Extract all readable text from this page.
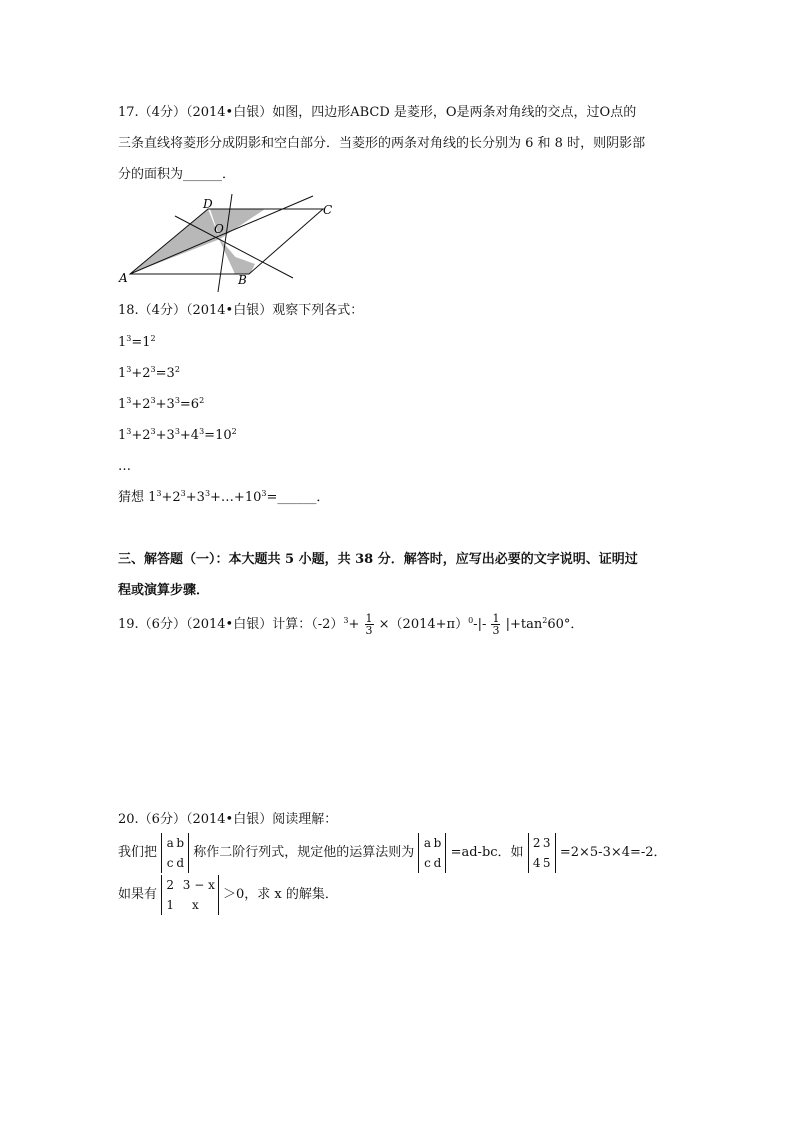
17.（4分）（2014•白银）如图，四边形ABCD 是菱形，O是两条对角线的交点，过O点的
三条直线将菱形分成阴影和空白部分．当菱形的两条对角线的长分别为 6 和 8 时，则阴影部
分的面积为______．
A	B
C
D
O
18.（4分）（2014•白银）观察下列各式：
$1^3=1^2$
$1^3+2^3=3^2$
$1^3+2^3+3^3=6^2$
$1^3+2^3+3^3+4^3=10^2$
…
猜想 $1^3+2^3+3^3+\dots+10^3=\_\_\_\_\_\_$．
三、解答题（一）：本大题共 5 小题，共 38 分．解答时，应写出必要的文字说明、证明过
程或演算步骤．
19.（6分）（2014•白银）计算：$(-2)^3+ \frac{1}{3} \times(2014+\pi)^0-|- \frac{1}{3} |+\tan^260^\circ$．
20.（6分）（2014•白银）阅读理解：
我们把
a b
c d
称作二阶行列式，规定他的运算法则为
a b
c d
=ad-bc．如
2 3
4 5
=2×5-3×4=-2．
如果有
2 3 − x
1 x
＞0，求 x 的解集．
